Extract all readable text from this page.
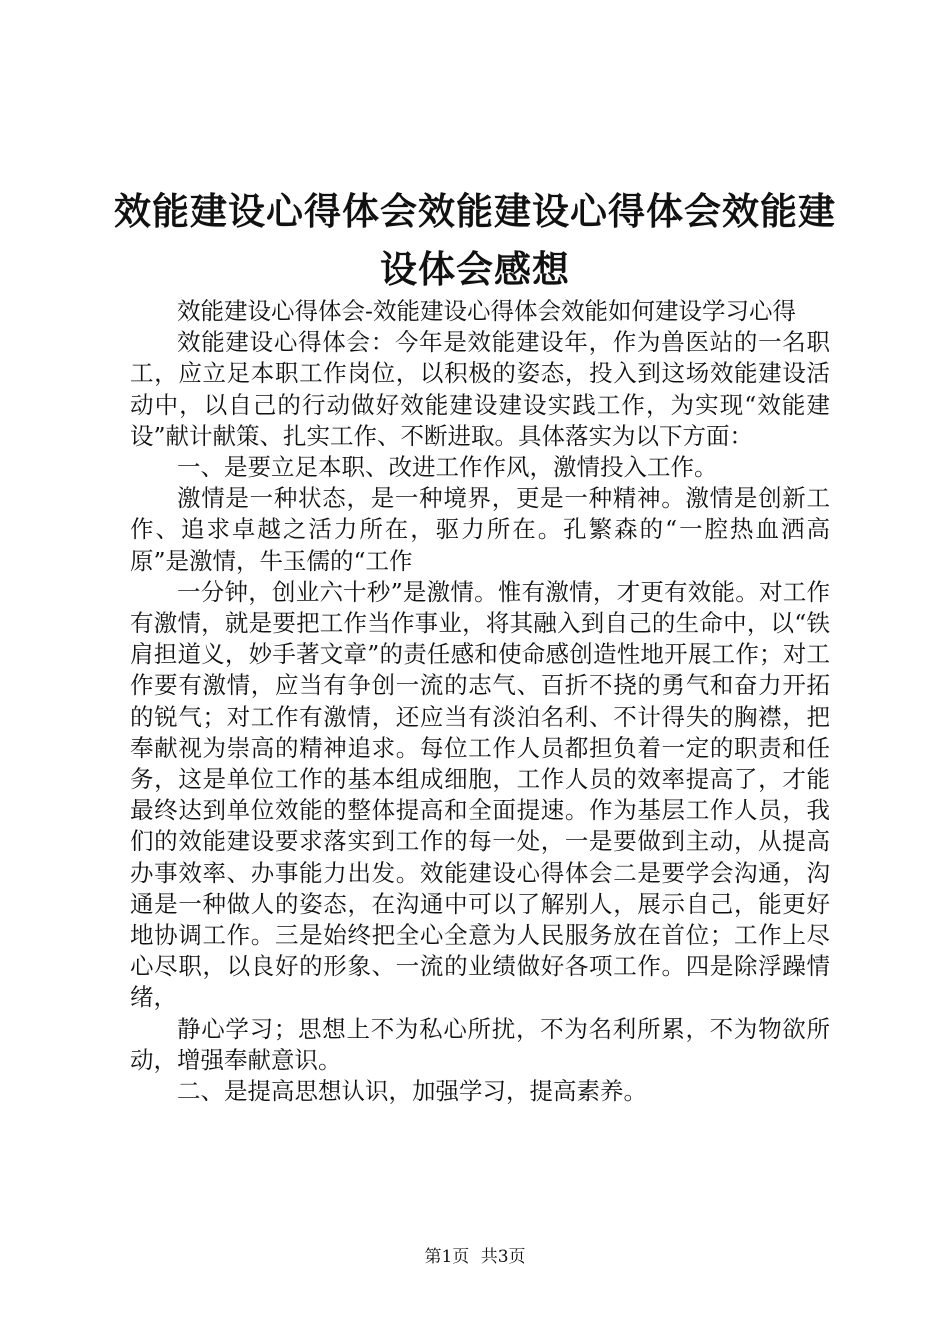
效能建设心得体会效能建设心得体会效能建设体会感想

效能建设心得体会-效能建设心得体会效能如何建设学习心得

效能建设心得体会：今年是效能建设年，作为兽医站的一名职工，应立足本职工作岗位，以积极的姿态，投入到这场效能建设活动中，以自己的行动做好效能建设建设实践工作，为实现“效能建设”献计献策、扎实工作、不断进取。具体落实为以下方面：

一、是要立足本职、改进工作作风，激情投入工作。

激情是一种状态，是一种境界，更是一种精神。激情是创新工作、追求卓越之活力所在，驱力所在。孔繁森的“一腔热血洒高原”是激情，牛玉儒的“工作

一分钟，创业六十秒”是激情。惟有激情，才更有效能。对工作有激情，就是要把工作当作事业，将其融入到自己的生命中，以“铁肩担道义，妙手著文章”的责任感和使命感创造性地开展工作；对工作要有激情，应当有争创一流的志气、百折不挠的勇气和奋力开拓的锐气；对工作有激情，还应当有淡泊名利、不计得失的胸襟，把奉献视为崇高的精神追求。每位工作人员都担负着一定的职责和任务，这是单位工作的基本组成细胞，工作人员的效率提高了，才能最终达到单位效能的整体提高和全面提速。作为基层工作人员，我们的效能建设要求落实到工作的每一处，一是要做到主动，从提高办事效率、办事能力出发。效能建设心得体会二是要学会沟通，沟通是一种做人的姿态，在沟通中可以了解别人，展示自己，能更好地协调工作。三是始终把全心全意为人民服务放在首位；工作上尽心尽职，以良好的形象、一流的业绩做好各项工作。四是除浮躁情绪，

静心学习；思想上不为私心所扰，不为名利所累，不为物欲所动，增强奉献意识。

二、是提高思想认识，加强学习，提高素养。

第1页 共3页
